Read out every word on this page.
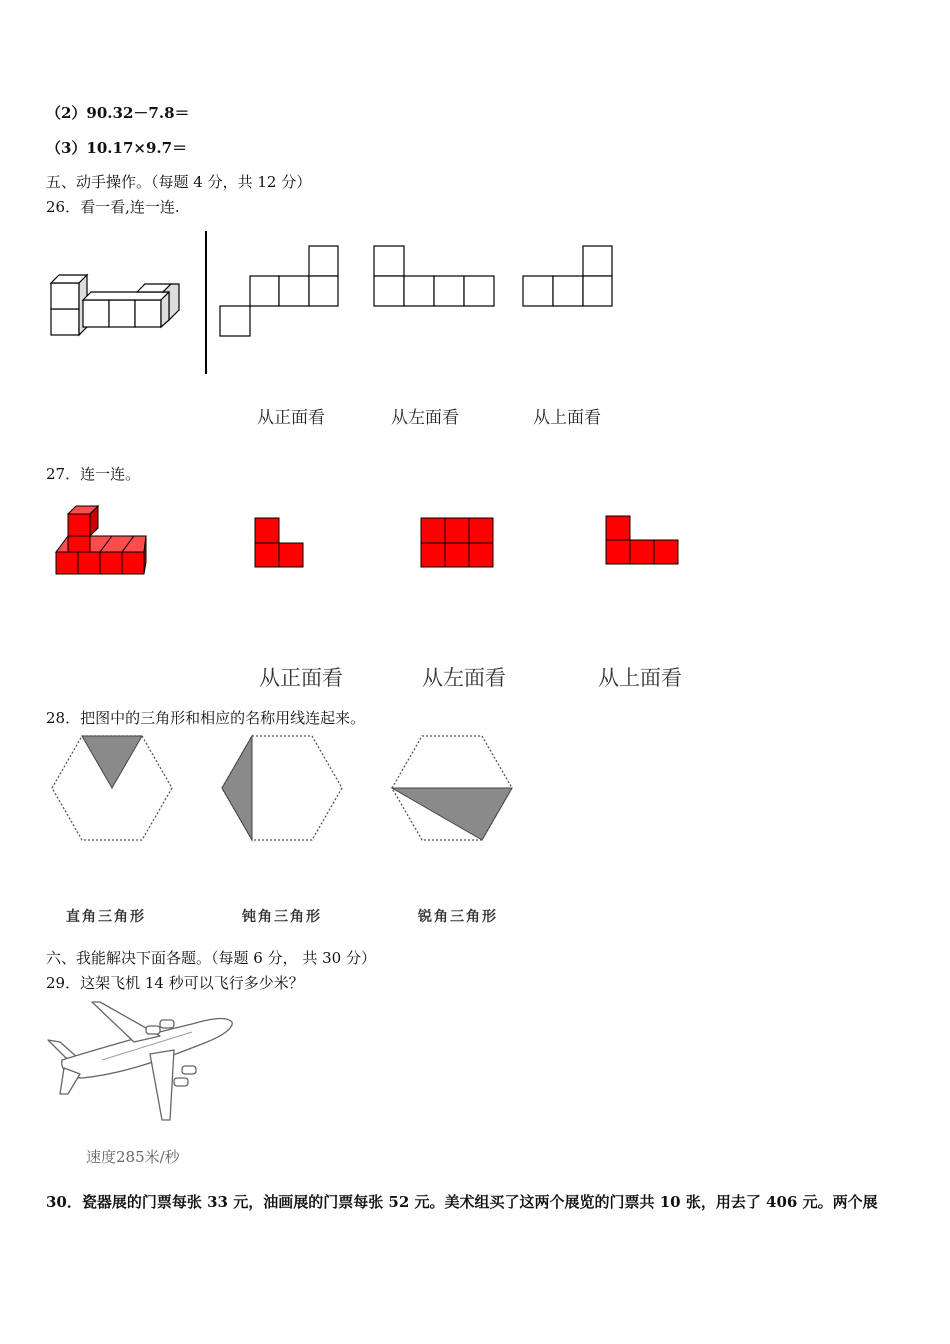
（2）90.32－7.8＝
（3）10.17×9.7＝
五、动手操作。（每题 4 分，共 12 分）
26．看一看,连一连.
从正面看	从左面看	从上面看
27．连一连。
从正面看	从左面看	从上面看
28．把图中的三角形和相应的名称用线连起来。
直角三角形	钝角三角形	锐角三角形
六、我能解决下面各题。（每题 6 分， 共 30 分）
29．这架飞机 14 秒可以飞行多少米？
速度285米/秒
30．瓷器展的门票每张 33 元，油画展的门票每张 52 元。美术组买了这两个展览的门票共 10 张，用去了 406 元。两个展
